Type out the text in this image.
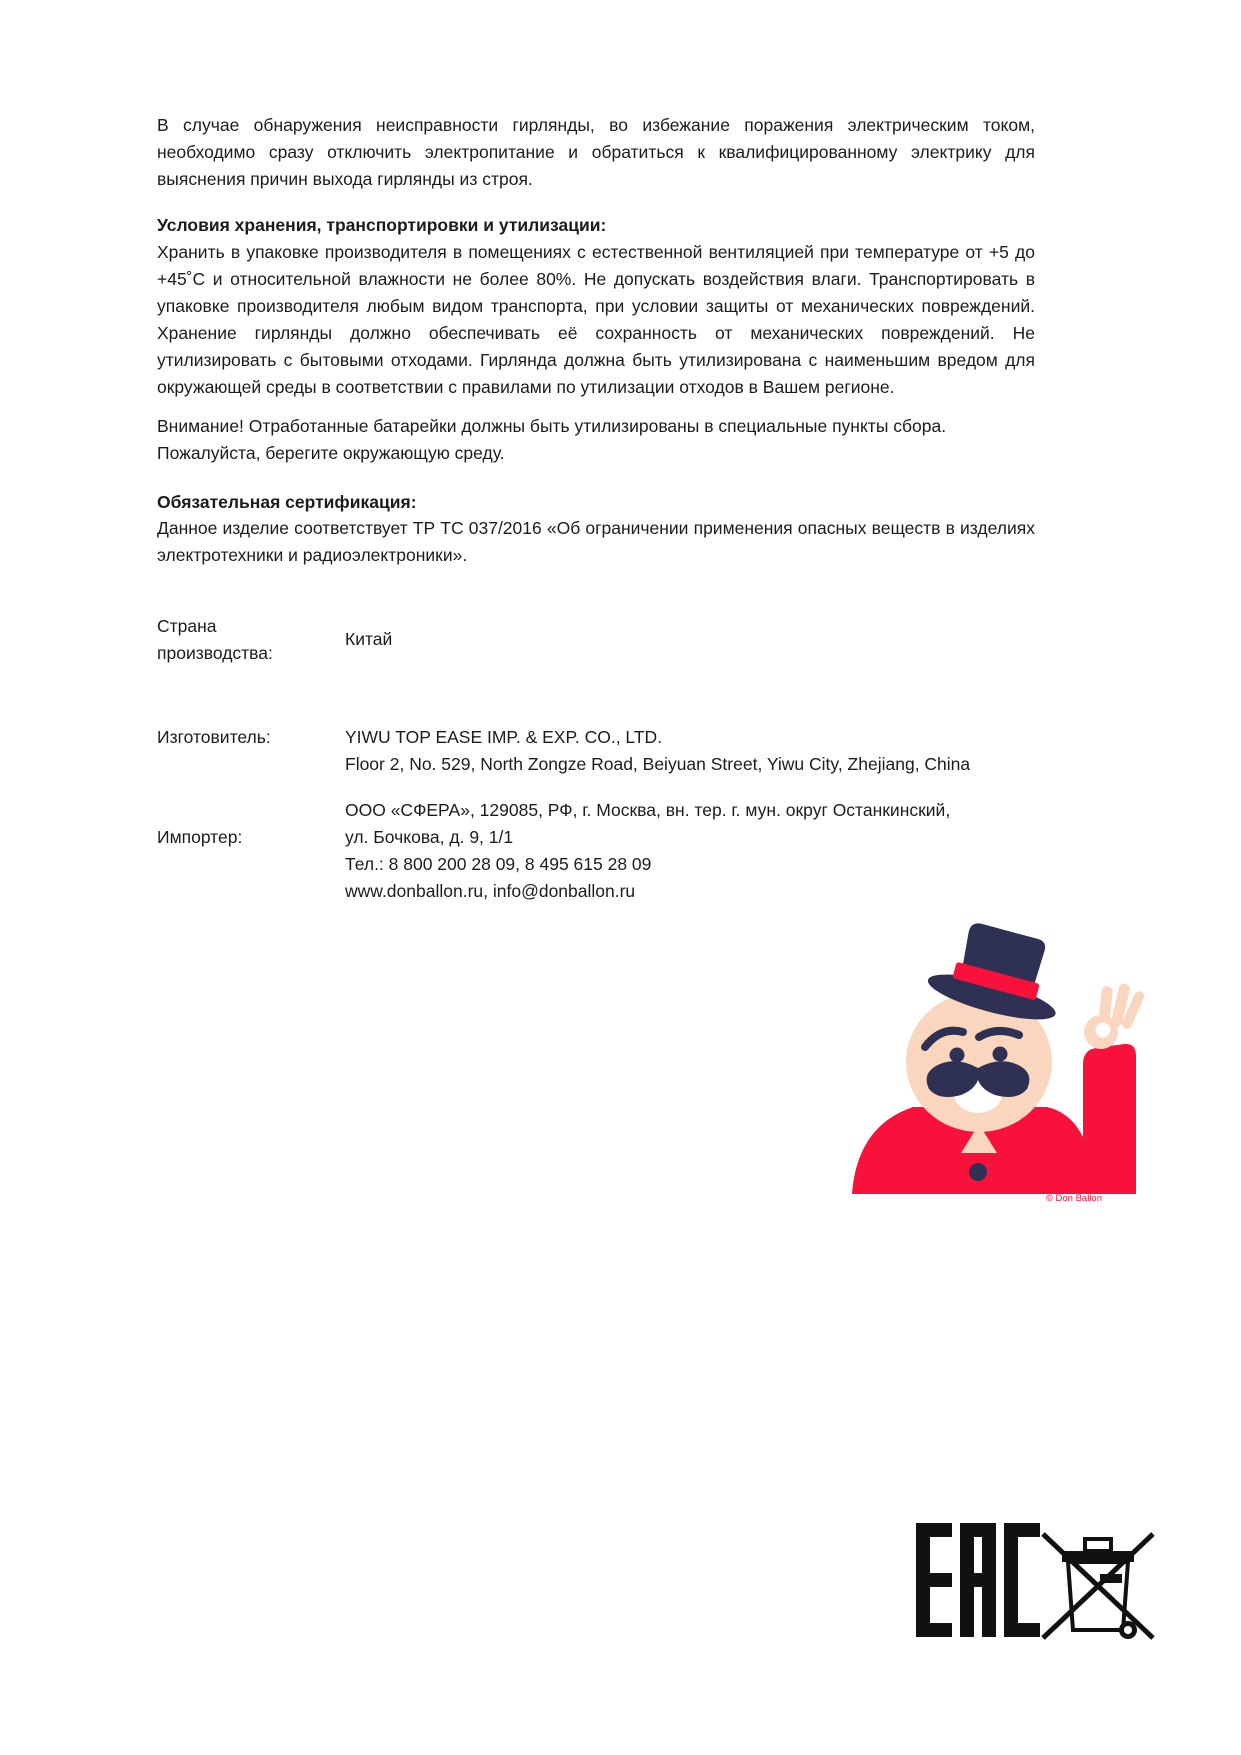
В случае обнаружения неисправности гирлянды, во избежание поражения электрическим током, необходимо сразу отключить электропитание и обратиться к квалифицированному электрику для выяснения причин выхода гирлянды из строя.
Условия хранения, транспортировки и утилизации:
Хранить в упаковке производителя в помещениях с естественной вентиляцией при температуре от +5 до +45˚С и относительной влажности не более 80%. Не допускать воздействия влаги. Транспортировать в упаковке производителя любым видом транспорта, при условии защиты от механических повреждений. Хранение гирлянды должно обеспечивать её сохранность от механических повреждений. Не утилизировать с бытовыми отходами. Гирлянда должна быть утилизирована с наименьшим вредом для окружающей среды в соответствии с правилами по утилизации отходов в Вашем регионе.
Внимание! Отработанные батарейки должны быть утилизированы в специальные пункты сбора. Пожалуйста, берегите окружающую среду.
Обязательная сертификация:
Данное изделие соответствует ТР ТС 037/2016 «Об ограничении применения опасных веществ в изделиях электротехники и радиоэлектроники».
Страна производства:
Китай
Изготовитель:	YIWU TOP EASE IMP. & EXP. CO., LTD.
Floor 2, No. 529, North Zongze Road, Beiyuan Street, Yiwu City, Zhejiang, China
Импортер:
ООО «СФЕРА», 129085, РФ, г. Москва, вн. тер. г. мун. округ Останкинский,
ул. Бочкова, д. 9, 1/1
Тел.: 8 800 200 28 09, 8 495 615 28 09
www.donballon.ru, info@donballon.ru
© Don Ballon
